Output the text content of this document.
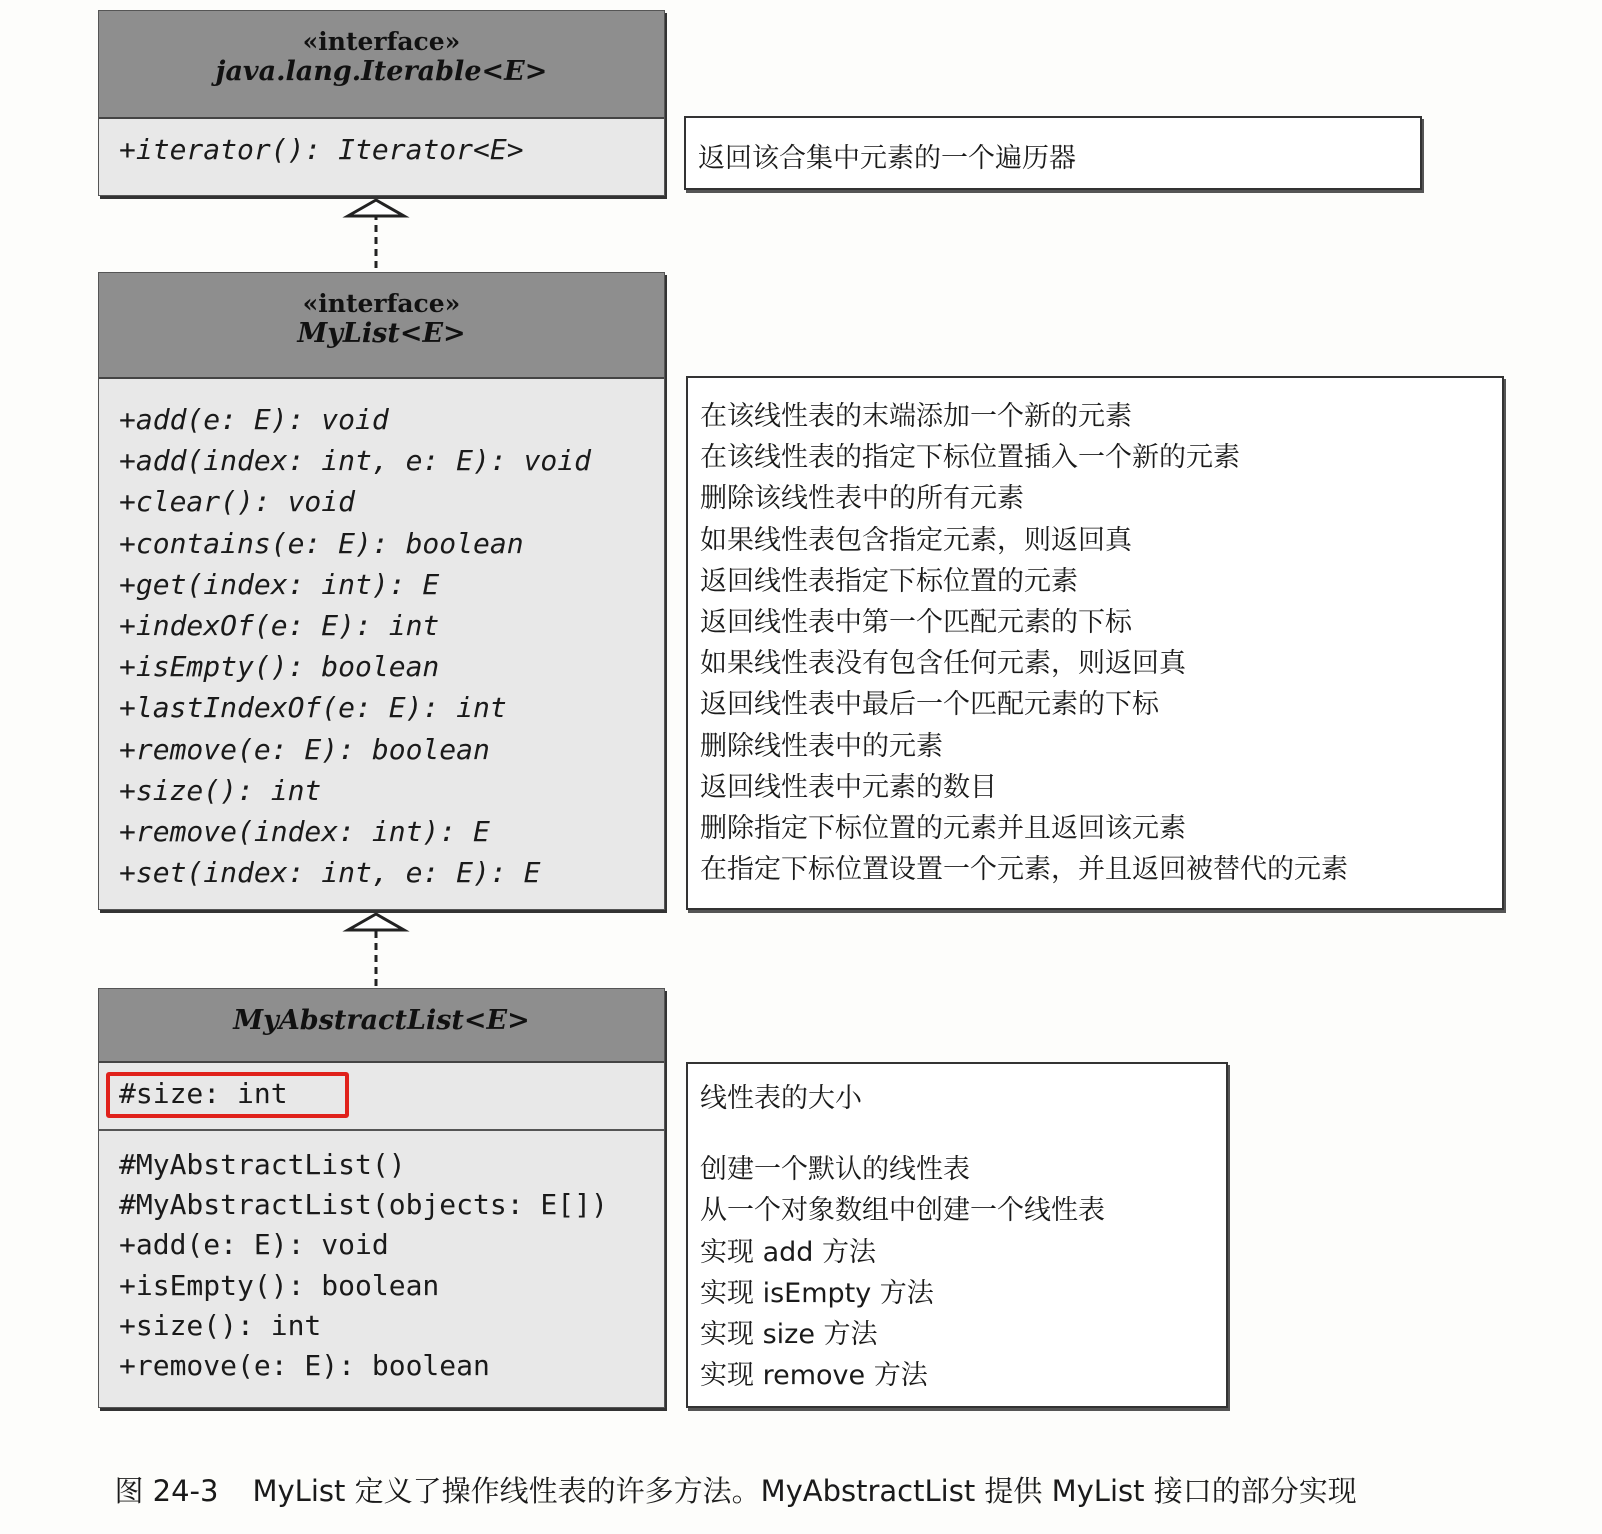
«interface»
java.lang.Iterable<E>
+iterator(): Iterator<E>	返回该合集中元素的一个遍历器
«interface»
MyList<E>
+add(e: E): void
+add(index: int, e: E): void
+clear(): void
+contains(e: E): boolean
+get(index: int): E
+indexOf(e: E): int
+isEmpty(): boolean
+lastIndexOf(e: E): int
+remove(e: E): boolean
+size(): int
+remove(index: int): E
+set(index: int, e: E): E
在该线性表的末端添加一个新的元素
在该线性表的指定下标位置插入一个新的元素
删除该线性表中的所有元素
如果线性表包含指定元素，则返回真
返回线性表指定下标位置的元素
返回线性表中第一个匹配元素的下标
如果线性表没有包含任何元素，则返回真
返回线性表中最后一个匹配元素的下标
删除线性表中的元素
返回线性表中元素的数目
删除指定下标位置的元素并且返回该元素
在指定下标位置设置一个元素，并且返回被替代的元素
MyAbstractList<E>
#size: int
#MyAbstractList()
#MyAbstractList(objects: E[])
+add(e: E): void
+isEmpty(): boolean
+size(): int
+remove(e: E): boolean
线性表的大小
创建一个默认的线性表
从一个对象数组中创建一个线性表
实现 add 方法
实现 isEmpty 方法
实现 size 方法
实现 remove 方法

图 24-3 MyList 定义了操作线性表的许多方法。MyAbstractList 提供 MyList 接口的部分实现
